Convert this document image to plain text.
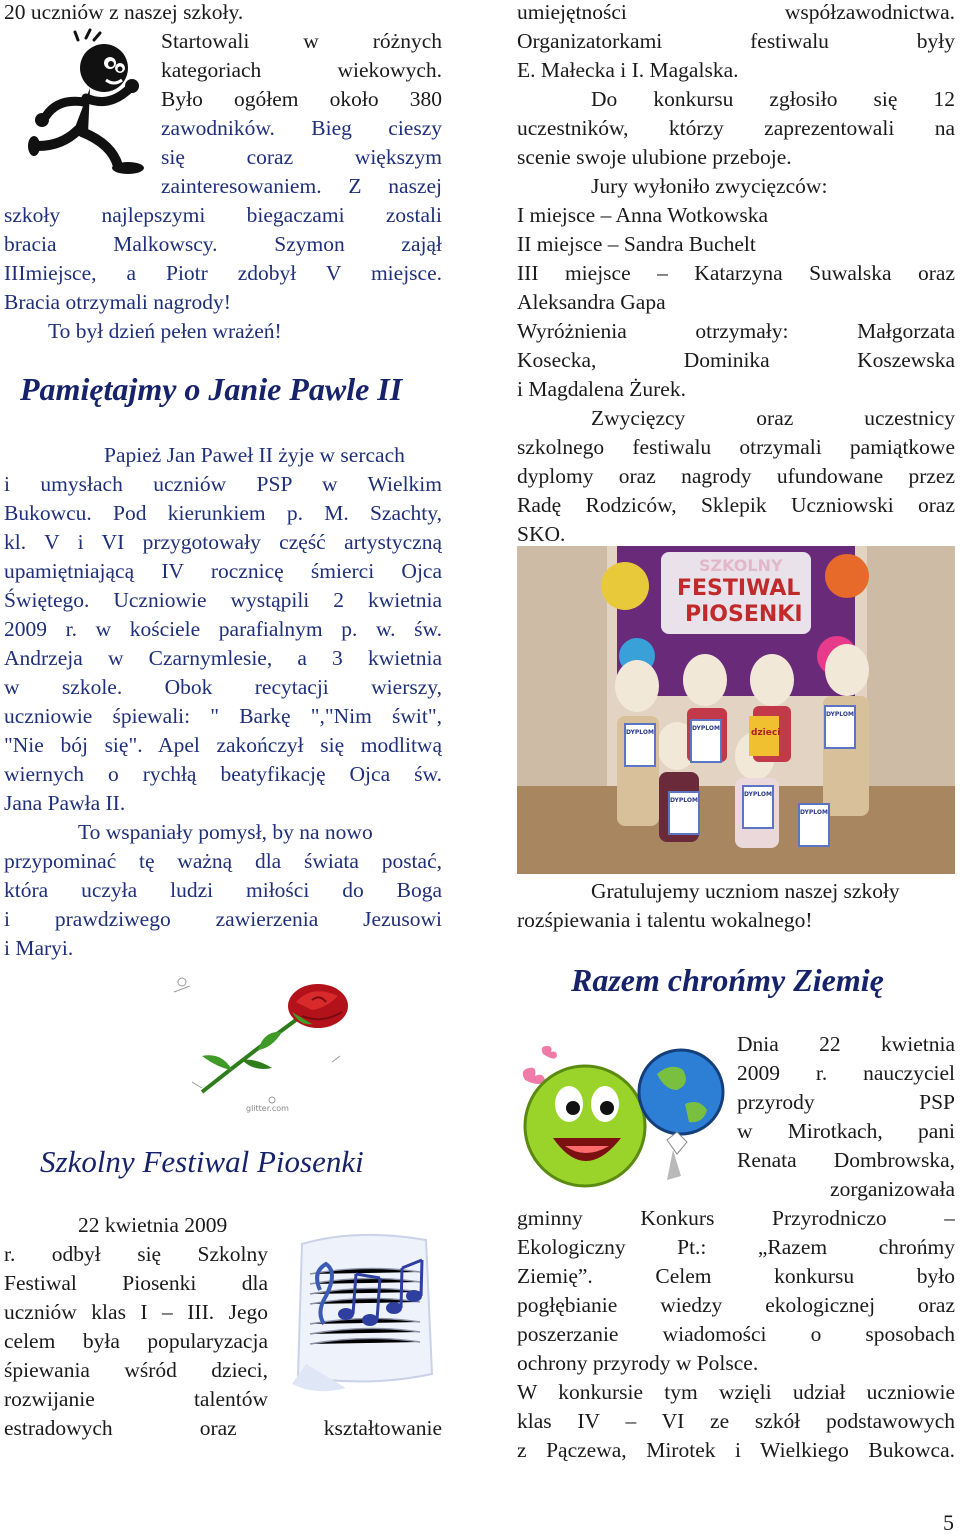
20 uczniów z naszej szkoły.
Startowali w różnych
kategoriach wiekowych.
Było ogółem około 380
zawodników. Bieg cieszy
się coraz większym
zainteresowaniem. Z naszej
szkoły najlepszymi biegaczami zostali
bracia Malkowscy. Szymon zajął
IIImiejsce, a Piotr zdobył V miejsce.
Bracia otrzymali nagrody!
To był dzień pełen wrażeń!
Pamiętajmy o Janie Pawle II
Papież Jan Paweł II żyje w sercach
i umysłach uczniów PSP w Wielkim
Bukowcu. Pod kierunkiem p. M. Szachty,
kl. V i VI przygotowały część artystyczną
upamiętniającą IV rocznicę śmierci Ojca
Świętego. Uczniowie wystąpili 2 kwietnia
2009 r. w kościele parafialnym p. w. św.
Andrzeja w Czarnymlesie, a 3 kwietnia
w szkole. Obok recytacji wierszy,
uczniowie śpiewali: " Barkę ","Nim świt",
"Nie bój się". Apel zakończył się modlitwą
wiernych o rychłą beatyfikację Ojca św.
Jana Pawła II.
To wspaniały pomysł, by na nowo
przypominać tę ważną dla świata postać,
która uczyła ludzi miłości do Boga
i prawdziwego zawierzenia Jezusowi
i Maryi.
glitter.com
Szkolny Festiwal Piosenki
22 kwietnia 2009
r. odbył się Szkolny
Festiwal Piosenki dla
uczniów klas I – III. Jego
celem była popularyzacja
śpiewania wśród dzieci,
rozwijanie talentów
estradowych oraz kształtowanie
umiejętności współzawodnictwa.
Organizatorkami festiwalu były
E. Małecka i I. Magalska.
Do konkursu zgłosiło się 12
uczestników, którzy zaprezentowali na
scenie swoje ulubione przeboje.
Jury wyłoniło zwycięzców:
I miejsce – Anna Wotkowska
II miejsce – Sandra Buchelt
III miejsce – Katarzyna Suwalska oraz
Aleksandra Gapa
Wyróżnienia otrzymały: Małgorzata
Kosecka, Dominika Koszewska
i Magdalena Żurek.
Zwycięzcy oraz uczestnicy
szkolnego festiwalu otrzymali pamiątkowe
dyplomy oraz nagrody ufundowane przez
Radę Rodziców, Sklepik Uczniowski oraz
SKO.
SZKOLNY
FESTIWAL
PIOSENKI
DYPLOM
DYPLOM
DYPLOM
DYPLOM
DYPLOM
DYPLOM
dzieci
Gratulujemy uczniom naszej szkoły
rozśpiewania i talentu wokalnego!
Razem chrońmy Ziemię
Dnia 22 kwietnia
2009 r. nauczyciel
przyrody PSP
w Mirotkach, pani
Renata Dombrowska,
zorganizowała
gminny Konkurs Przyrodniczo –
Ekologiczny Pt.: „Razem chrońmy
Ziemię”. Celem konkursu było
pogłębianie wiedzy ekologicznej oraz
poszerzanie wiadomości o sposobach
ochrony przyrody w Polsce.
W konkursie tym wzięli udział uczniowie
klas IV – VI ze szkół podstawowych
z Pączewa, Mirotek i Wielkiego Bukowca.
5
